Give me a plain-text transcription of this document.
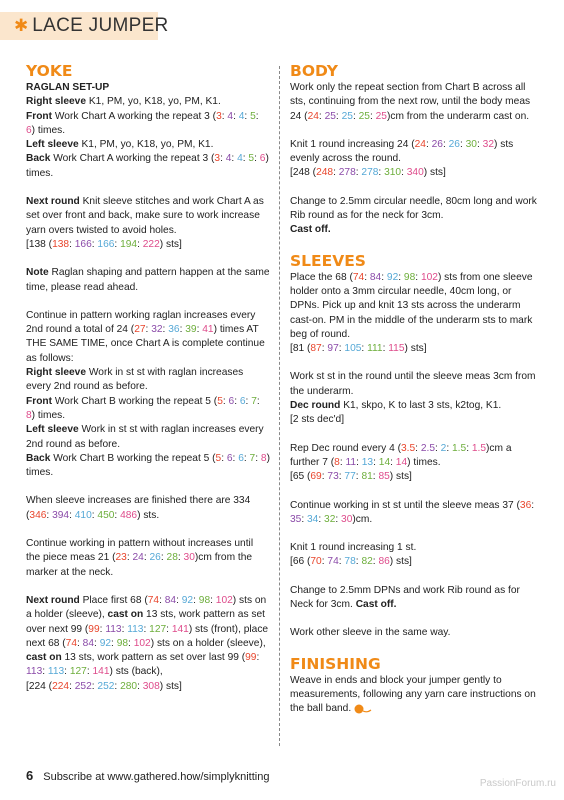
✱ LACE JUMPER
YOKE
RAGLAN SET-UP

Right sleeve K1, PM, yo, K18, yo, PM, K1.
Front Work Chart A working the repeat 3 (3: 4: 4: 5: 6) times.
Left sleeve K1, PM, yo, K18, yo, PM, K1.
Back Work Chart A working the repeat 3 (3: 4: 4: 5: 6) times.

Next round Knit sleeve stitches and work Chart A as set over front and back, make sure to work increase yarn overs twisted to avoid holes.
[138 (138: 166: 166: 194: 222) sts]

Note Raglan shaping and pattern happen at the same time, please read ahead.

Continue in pattern working raglan increases every 2nd round a total of 24 (27: 32: 36: 39: 41) times AT THE SAME TIME, once Chart A is complete continue as follows:
Right sleeve Work in st st with raglan increases every 2nd round as before.
Front Work Chart B working the repeat 5 (5: 6: 6: 7: 8) times.
Left sleeve Work in st st with raglan increases every 2nd round as before.
Back Work Chart B working the repeat 5 (5: 6: 6: 7: 8) times.

When sleeve increases are finished there are 334 (346: 394: 410: 450: 486) sts.

Continue working in pattern without increases until the piece meas 21 (23: 24: 26: 28: 30)cm from the marker at the neck.

Next round Place first 68 (74: 84: 92: 98: 102) sts on a holder (sleeve), cast on 13 sts, work pattern as set over next 99 (99: 113: 113: 127: 141) sts (front), place next 68 (74: 84: 92: 98: 102) sts on a holder (sleeve), cast on 13 sts, work pattern as set over last 99 (99: 113: 113: 127: 141) sts (back),
[224 (224: 252: 252: 280: 308) sts]

BODY

Work only the repeat section from Chart B across all sts, continuing from the next row, until the body meas 24 (24: 25: 25: 25: 25)cm from the underarm cast on.

Knit 1 round increasing 24 (24: 26: 26: 30: 32) sts evenly across the round.
[248 (248: 278: 278: 310: 340) sts]

Change to 2.5mm circular needle, 80cm long and work Rib round as for the neck for 3cm.
Cast off.

SLEEVES

Place the 68 (74: 84: 92: 98: 102) sts from one sleeve holder onto a 3mm circular needle, 40cm long, or DPNs. Pick up and knit 13 sts across the underarm cast-on. PM in the middle of the underarm sts to mark beg of round.
[81 (87: 97: 105: 111: 115) sts]

Work st st in the round until the sleeve meas 3cm from the underarm.
Dec round K1, skpo, K to last 3 sts, k2tog, K1.
[2 sts dec'd]

Rep Dec round every 4 (3.5: 2.5: 2: 1.5: 1.5)cm a further 7 (8: 11: 13: 14: 14) times.
[65 (69: 73: 77: 81: 85) sts]

Continue working in st st until the sleeve meas 37 (36: 35: 34: 32: 30)cm.

Knit 1 round increasing 1 st.
[66 (70: 74: 78: 82: 86) sts]

Change to 2.5mm DPNs and work Rib round as for Neck for 3cm. Cast off.

Work other sleeve in the same way.

FINISHING

Weave in ends and block your jumper gently to measurements, following any yarn care instructions on the ball band.

6 Subscribe at www.gathered.how/simplyknitting
PassionForum.ru
